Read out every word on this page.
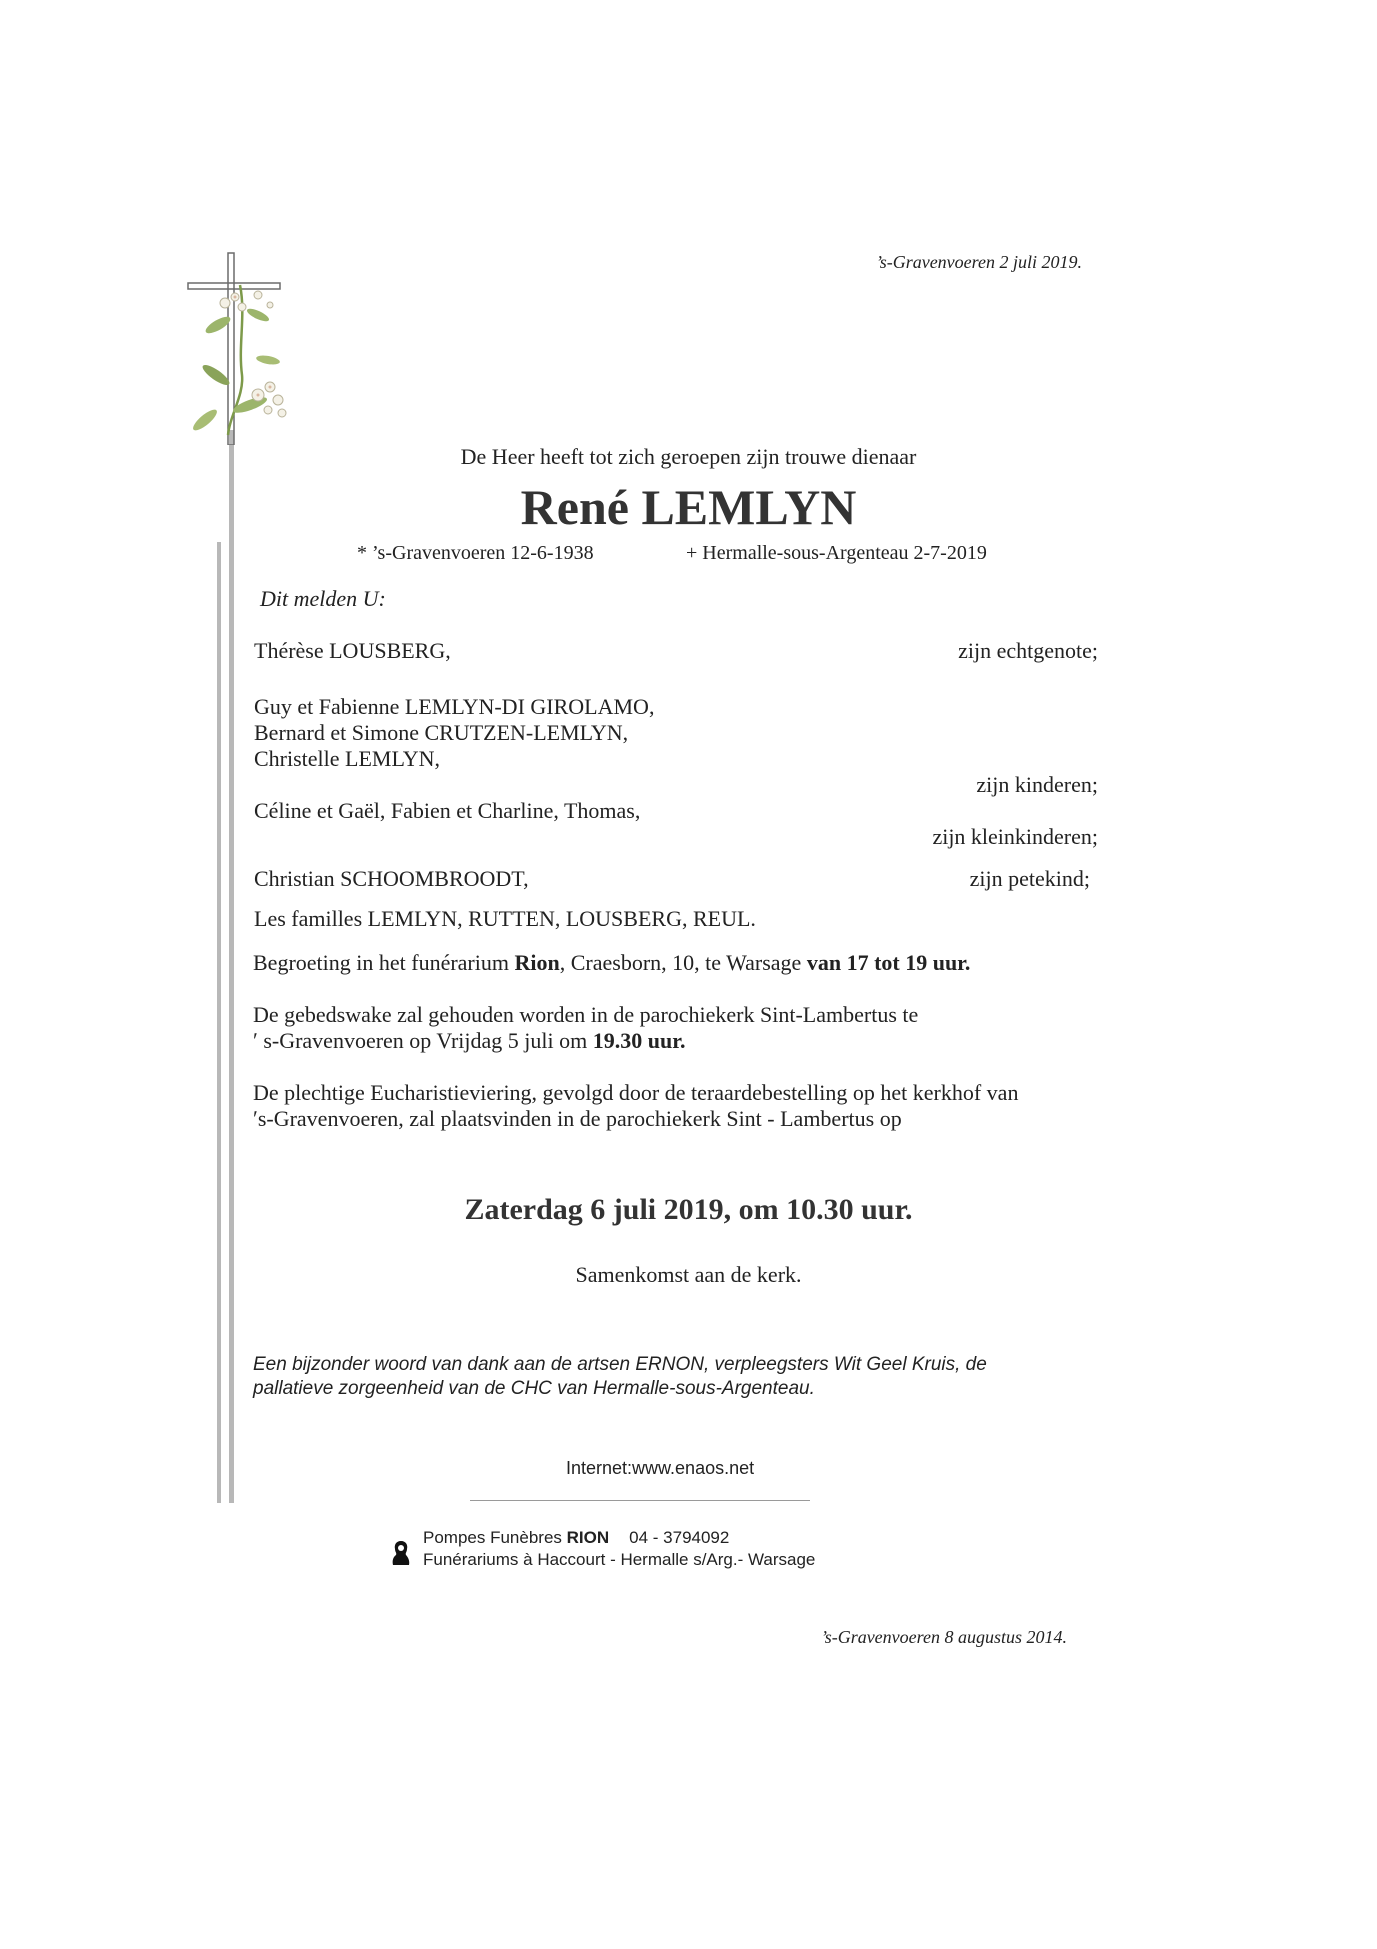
’s-Gravenvoeren 2 juli 2019.

De Heer heeft tot zich geroepen zijn trouwe dienaar

René LEMLYN

* ’s-Gravenvoeren 12-6-1938	+ Hermalle-sous-Argenteau 2-7-2019

Dit melden U:

Thérèse LOUSBERG,	zijn echtgenote;

Guy et Fabienne LEMLYN-DI GIROLAMO,

Bernard et Simone CRUTZEN-LEMLYN,

Christelle LEMLYN,

zijn kinderen;

Céline et Gaël, Fabien et Charline, Thomas,

zijn kleinkinderen;

Christian SCHOOMBROODT,	zijn petekind;

Les familles LEMLYN, RUTTEN, LOUSBERG, REUL.

Begroeting in het funérarium Rion, Craesborn, 10, te Warsage van 17 tot 19 uur.

De gebedswake zal gehouden worden in de parochiekerk Sint-Lambertus te

ʹ s-Gravenvoeren op Vrijdag 5 juli om 19.30 uur.

De plechtige Eucharistieviering, gevolgd door de teraardebestelling op het kerkhof van

ʹs-Gravenvoeren, zal plaatsvinden in de parochiekerk Sint - Lambertus op

Zaterdag 6 juli 2019, om 10.30 uur.

Samenkomst aan de kerk.

Een bijzonder woord van dank aan de artsen ERNON, verpleegsters Wit Geel Kruis, de

pallatieve zorgeenheid van de CHC van Hermalle-sous-Argenteau.

Internet:www.enaos.net

Pompes Funèbres RION 04 - 3794092

Funérariums à Haccourt - Hermalle s/Arg.- Warsage

’s-Gravenvoeren 8 augustus 2014.
